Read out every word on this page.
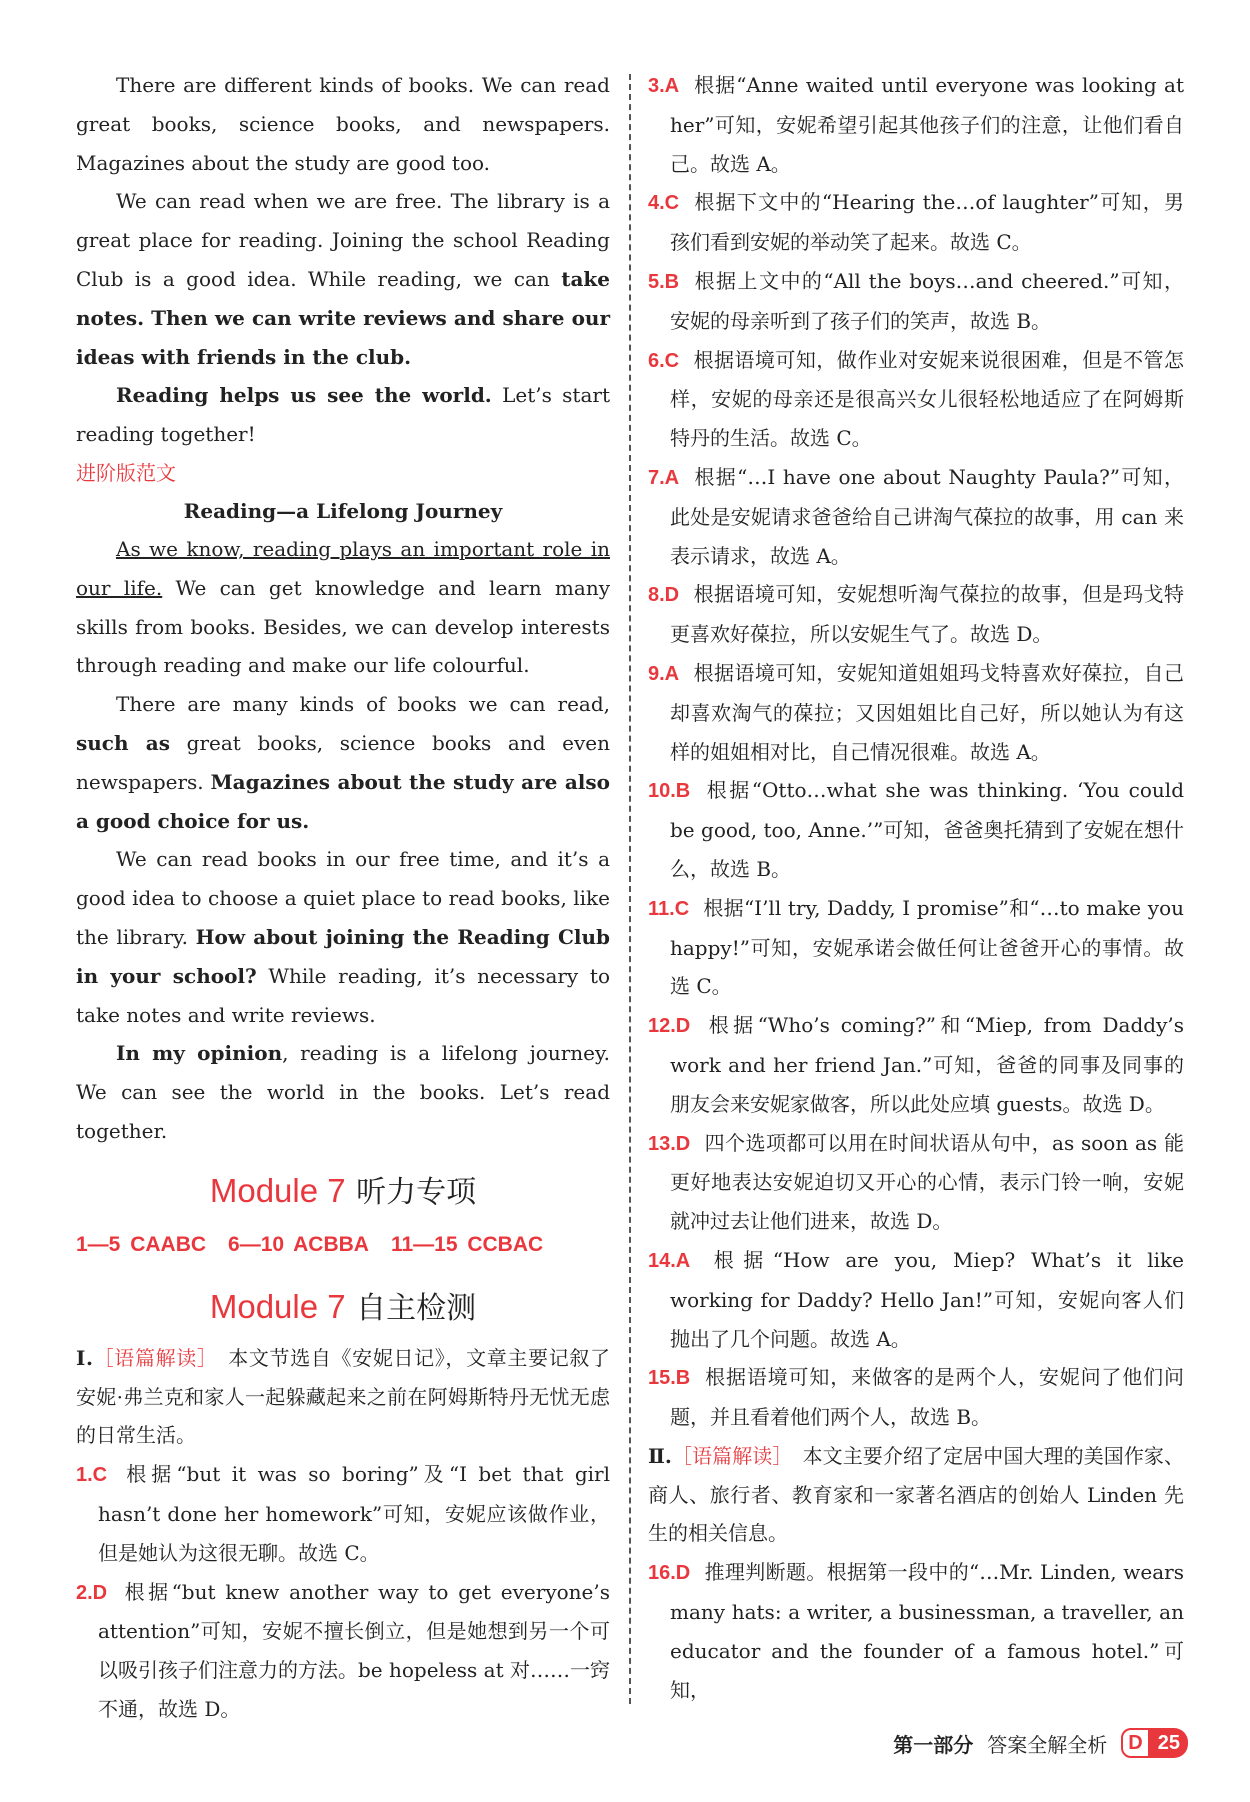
There are different kinds of books. We can read great books, science books, and newspapers. Magazines about the study are good too.

We can read when we are free. The library is a great place for reading. Joining the school Reading Club is a good idea. While reading, we can take notes. Then we can write reviews and share our ideas with friends in the club.

Reading helps us see the world. Let’s start reading together!

进阶版范文
Reading—a Lifelong Journey

As we know, reading plays an important role in our life. We can get knowledge and learn many skills from books. Besides, we can develop interests through reading and make our life colourful.

There are many kinds of books we can read, such as great books, science books and even newspapers. Magazines about the study are also a good choice for us.

We can read books in our free time, and it’s a good idea to choose a quiet place to read books, like the library. How about joining the Reading Club in your school? While reading, it’s necessary to take notes and write reviews.

In my opinion, reading is a lifelong journey. We can see the world in the books. Let’s read together.

Module 7 听力专项
1—5 CAABC 6—10 ACBBA 11—15 CCBAC
Module 7 自主检测

Ⅰ.［语篇解读］　本文节选自《安妮日记》，文章主要记叙了安妮·弗兰克和家人一起躲藏起来之前在阿姆斯特丹无忧无虑的日常生活。

1.C 根据“but it was so boring”及“I bet that girl hasn’t done her homework”可知，安妮应该做作业，但是她认为这很无聊。故选 C。

2.D 根据“but knew another way to get everyone’s attention”可知，安妮不擅长倒立，但是她想到另一个可以吸引孩子们注意力的方法。be hopeless at 对……一窍不通，故选 D。

3.A 根据“Anne waited until everyone was looking at her”可知，安妮希望引起其他孩子们的注意，让他们看自己。故选 A。

4.C 根据下文中的“Hearing the…of laughter”可知，男孩们看到安妮的举动笑了起来。故选 C。

5.B 根据上文中的“All the boys…and cheered.”可知，安妮的母亲听到了孩子们的笑声，故选 B。

6.C 根据语境可知，做作业对安妮来说很困难，但是不管怎样，安妮的母亲还是很高兴女儿很轻松地适应了在阿姆斯特丹的生活。故选 C。

7.A 根据“…I have one about Naughty Paula?”可知，此处是安妮请求爸爸给自己讲淘气葆拉的故事，用 can 来表示请求，故选 A。

8.D 根据语境可知，安妮想听淘气葆拉的故事，但是玛戈特更喜欢好葆拉，所以安妮生气了。故选 D。

9.A 根据语境可知，安妮知道姐姐玛戈特喜欢好葆拉，自己却喜欢淘气的葆拉；又因姐姐比自己好，所以她认为有这样的姐姐相对比，自己情况很难。故选 A。

10.B 根据“Otto…what she was thinking. ‘You could be good, too, Anne.’”可知，爸爸奥托猜到了安妮在想什么，故选 B。

11.C 根据“I’ll try, Daddy, I promise”和“…to make you happy!”可知，安妮承诺会做任何让爸爸开心的事情。故选 C。

12.D 根据“Who’s coming?”和“Miep, from Daddy’s work and her friend Jan.”可知，爸爸的同事及同事的朋友会来安妮家做客，所以此处应填 guests。故选 D。

13.D 四个选项都可以用在时间状语从句中，as soon as 能更好地表达安妮迫切又开心的心情，表示门铃一响，安妮就冲过去让他们进来，故选 D。

14.A 根据“How are you, Miep? What’s it like working for Daddy? Hello Jan!”可知，安妮向客人们抛出了几个问题。故选 A。

15.B 根据语境可知，来做客的是两个人，安妮问了他们问题，并且看着他们两个人，故选 B。

Ⅱ.［语篇解读］　本文主要介绍了定居中国大理的美国作家、商人、旅行者、教育家和一家著名酒店的创始人 Linden 先生的相关信息。

16.D 推理判断题。根据第一段中的“…Mr. Linden, wears many hats: a writer, a businessman, a traveller, an educator and the founder of a famous hotel.”可知，

第一部分 答案全解全析	D 25
